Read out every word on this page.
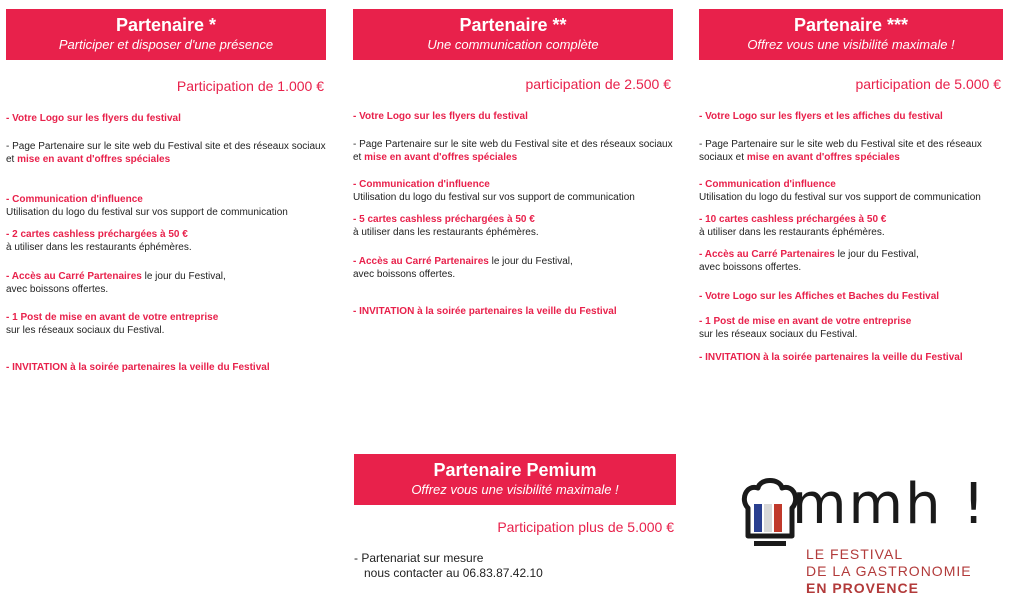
Partenaire *
Participer et disposer d'une présence
Participation de 1.000 €

- Votre Logo sur les flyers du festival

- Page Partenaire sur le site web du Festival site et des réseaux sociaux et mise en avant d'offres spéciales

- Communication d'influence
Utilisation du logo du festival sur vos support de communication

- 2 cartes cashless préchargées à 50 €
à utiliser dans les restaurants éphémères.

- Accès au Carré Partenaires le jour du Festival,
avec boissons offertes.

- 1 Post de mise en avant de votre entreprise
sur les réseaux sociaux du Festival.

- INVITATION à la soirée partenaires la veille du Festival

Partenaire **
Une communication complète
participation de 2.500 €

- Votre Logo sur les flyers du festival

- Page Partenaire sur le site web du Festival site et des réseaux sociaux et mise en avant d'offres spéciales

- Communication d'influence
Utilisation du logo du festival sur vos support de communication

- 5 cartes cashless préchargées à 50 €
à utiliser dans les restaurants éphémères.

- Accès au Carré Partenaires le jour du Festival,
avec boissons offertes.

- INVITATION à la soirée partenaires la veille du Festival

Partenaire ***
Offrez vous une visibilité maximale !
participation de 5.000 €

- Votre Logo sur les flyers et les affiches du festival

- Page Partenaire sur le site web du Festival site et des réseaux sociaux et mise en avant d'offres spéciales

- Communication d'influence
Utilisation du logo du festival sur vos support de communication

- 10 cartes cashless préchargées à 50 €
à utiliser dans les restaurants éphémères.

- Accès au Carré Partenaires le jour du Festival,
avec boissons offertes.

- Votre Logo sur les Affiches et Baches du Festival

- 1 Post de mise en avant de votre entreprise
sur les réseaux sociaux du Festival.

- INVITATION à la soirée partenaires la veille du Festival

Partenaire Pemium
Offrez vous une visibilité maximale !
Participation plus de 5.000 €

- Partenariat sur mesure

nous contacter au 06.83.87.42.10

mmh !
LE FESTIVAL
DE LA GASTRONOMIE
EN PROVENCE
